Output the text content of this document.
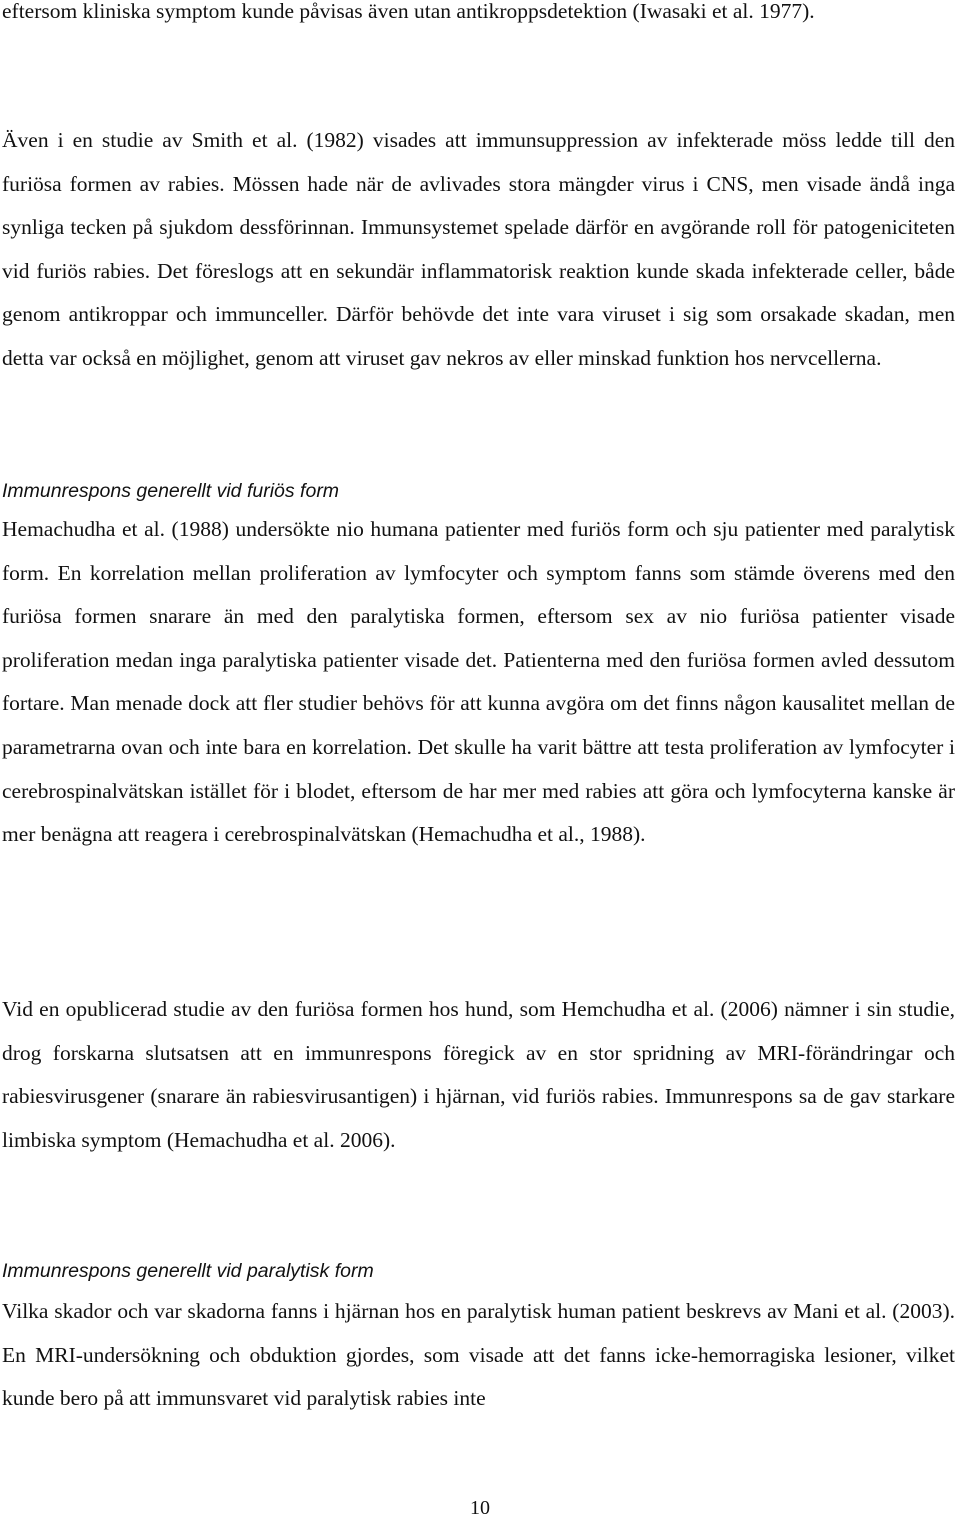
eftersom kliniska symptom kunde påvisas även utan antikroppsdetektion (Iwasaki et al. 1977).

Även i en studie av Smith et al. (1982) visades att immunsuppression av infekterade möss ledde till den furiösa formen av rabies. Mössen hade när de avlivades stora mängder virus i CNS, men visade ändå inga synliga tecken på sjukdom dessförinnan. Immunsystemet spelade därför en avgörande roll för patogeniciteten vid furiös rabies. Det föreslogs att en sekundär inflammatorisk reaktion kunde skada infekterade celler, både genom antikroppar och immunceller. Därför behövde det inte vara viruset i sig som orsakade skadan, men detta var också en möjlighet, genom att viruset gav nekros av eller minskad funktion hos nervcellerna.

Immunrespons generellt vid furiös form

Hemachudha et al. (1988) undersökte nio humana patienter med furiös form och sju patienter med paralytisk form. En korrelation mellan proliferation av lymfocyter och symptom fanns som stämde överens med den furiösa formen snarare än med den paralytiska formen, eftersom sex av nio furiösa patienter visade proliferation medan inga paralytiska patienter visade det. Patienterna med den furiösa formen avled dessutom fortare. Man menade dock att fler studier behövs för att kunna avgöra om det finns någon kausalitet mellan de parametrarna ovan och inte bara en korrelation. Det skulle ha varit bättre att testa proliferation av lymfocyter i cerebrospinalvätskan istället för i blodet, eftersom de har mer med rabies att göra och lymfocyterna kanske är mer benägna att reagera i cerebrospinalvätskan (Hemachudha et al., 1988).

Vid en opublicerad studie av den furiösa formen hos hund, som Hemchudha et al. (2006) nämner i sin studie, drog forskarna slutsatsen att en immunrespons föregick av en stor spridning av MRI-förändringar och rabiesvirusgener (snarare än rabiesvirusantigen) i hjärnan, vid furiös rabies. Immunrespons sa de gav starkare limbiska symptom (Hemachudha et al. 2006).

Immunrespons generellt vid paralytisk form

Vilka skador och var skadorna fanns i hjärnan hos en paralytisk human patient beskrevs av Mani et al. (2003). En MRI-undersökning och obduktion gjordes, som visade att det fanns icke-hemorragiska lesioner, vilket kunde bero på att immunsvaret vid paralytisk rabies inte

10
